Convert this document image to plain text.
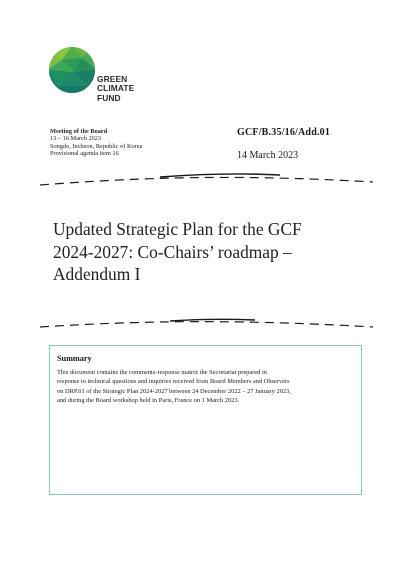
GREEN
CLIMATE
FUND
Meeting of the Board
13 – 16 March 2023
Songdo, Incheon, Republic of Korea
Provisional agenda item 16
GCF/B.35/16/Add.01
14 March 2023
Updated Strategic Plan for the GCF
2024-2027: Co-Chairs’ roadmap –
Addendum I
Summary
This document contains the comments-response matrix the Secretariat prepared in
response to technical questions and inquiries received from Board Members and Observers
on DRP.01 of the Strategic Plan 2024-2027 between 24 December 2022 – 27 January 2023,
and during the Board workshop held in Paris, France on 1 March 2023.
